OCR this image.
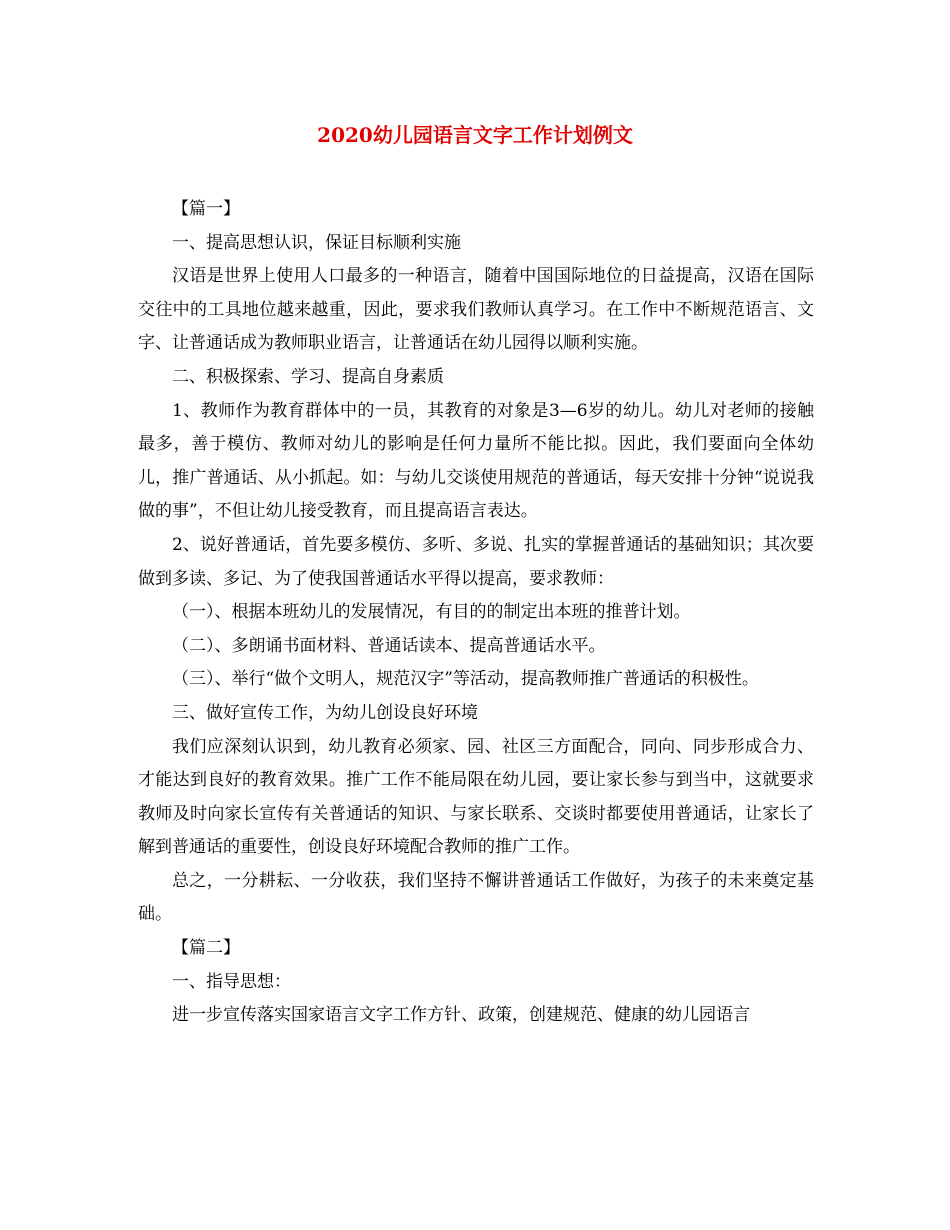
2020幼儿园语言文字工作计划例文

【篇一】

一、提高思想认识，保证目标顺利实施

汉语是世界上使用人口最多的一种语言，随着中国国际地位的日益提高，汉语在国际交往中的工具地位越来越重，因此，要求我们教师认真学习。在工作中不断规范语言、文字、让普通话成为教师职业语言，让普通话在幼儿园得以顺利实施。

二、积极探索、学习、提高自身素质

1、教师作为教育群体中的一员，其教育的对象是3—6岁的幼儿。幼儿对老师的接触最多，善于模仿、教师对幼儿的影响是任何力量所不能比拟。因此，我们要面向全体幼儿，推广普通话、从小抓起。如：与幼儿交谈使用规范的普通话，每天安排十分钟“说说我做的事”，不但让幼儿接受教育，而且提高语言表达。

2、说好普通话，首先要多模仿、多听、多说、扎实的掌握普通话的基础知识；其次要做到多读、多记、为了使我国普通话水平得以提高，要求教师：

（一）、根据本班幼儿的发展情况，有目的的制定出本班的推普计划。

（二）、多朗诵书面材料、普通话读本、提高普通话水平。

（三）、举行“做个文明人，规范汉字”等活动，提高教师推广普通话的积极性。

三、做好宣传工作，为幼儿创设良好环境

我们应深刻认识到，幼儿教育必须家、园、社区三方面配合，同向、同步形成合力、才能达到良好的教育效果。推广工作不能局限在幼儿园，要让家长参与到当中，这就要求教师及时向家长宣传有关普通话的知识、与家长联系、交谈时都要使用普通话，让家长了解到普通话的重要性，创设良好环境配合教师的推广工作。

总之，一分耕耘、一分收获，我们坚持不懈讲普通话工作做好，为孩子的未来奠定基础。

【篇二】

一、指导思想：

进一步宣传落实国家语言文字工作方针、政策，创建规范、健康的幼儿园语言
